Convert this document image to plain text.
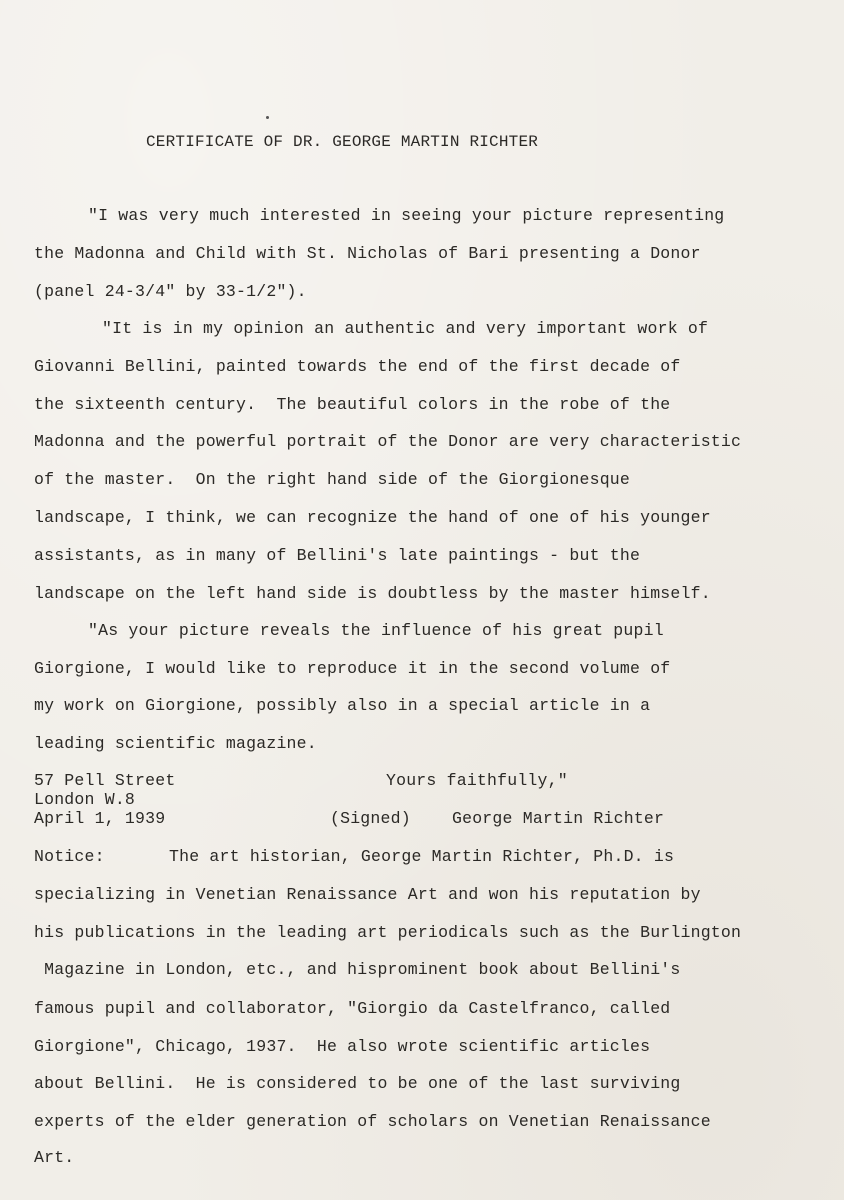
CERTIFICATE OF DR. GEORGE MARTIN RICHTER
"I was very much interested in seeing your picture representing
the Madonna and Child with St. Nicholas of Bari presenting a Donor
(panel 24-3/4" by 33-1/2").
"It is in my opinion an authentic and very important work of
Giovanni Bellini, painted towards the end of the first decade of
the sixteenth century.  The beautiful colors in the robe of the
Madonna and the powerful portrait of the Donor are very characteristic
of the master.  On the right hand side of the Giorgionesque
landscape, I think, we can recognize the hand of one of his younger
assistants, as in many of Bellini's late paintings - but the
landscape on the left hand side is doubtless by the master himself.
"As your picture reveals the influence of his great pupil
Giorgione, I would like to reproduce it in the second volume of
my work on Giorgione, possibly also in a special article in a
leading scientific magazine.
57 Pell Street	Yours faithfully,"
London W.8
April 1, 1939	(Signed) George Martin Richter
Notice:	The art historian, George Martin Richter, Ph.D. is
specializing in Venetian Renaissance Art and won his reputation by
his publications in the leading art periodicals such as the Burlington
Magazine in London, etc., and hisprominent book about Bellini's
famous pupil and collaborator, "Giorgio da Castelfranco, called
Giorgione", Chicago, 1937.  He also wrote scientific articles
about Bellini.  He is considered to be one of the last surviving
experts of the elder generation of scholars on Venetian Renaissance
Art.
